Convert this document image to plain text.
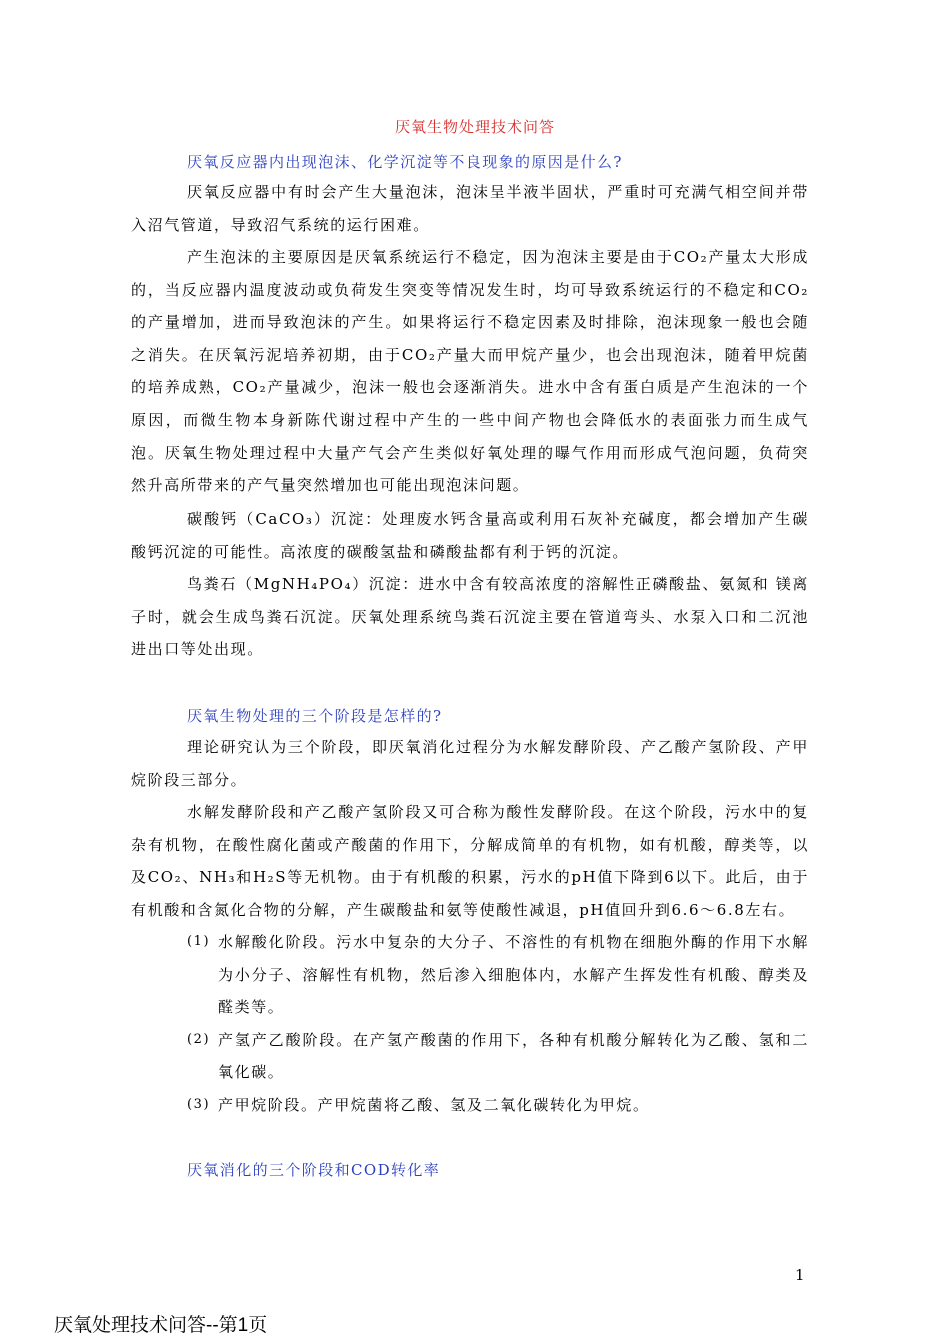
厌氧生物处理技术问答
厌氧反应器内出现泡沫、化学沉淀等不良现象的原因是什么?
厌氧反应器中有时会产生大量泡沫，泡沫呈半液半固状，严重时可充满气相空间并带入沼气管道，导致沼气系统的运行困难。
产生泡沫的主要原因是厌氧系统运行不稳定，因为泡沫主要是由于CO₂产量太大形成的，当反应器内温度波动或负荷发生突变等情况发生时，均可导致系统运行的不稳定和CO₂的产量增加，进而导致泡沫的产生。如果将运行不稳定因素及时排除，泡沫现象一般也会随之消失。在厌氧污泥培养初期，由于CO₂产量大而甲烷产量少，也会出现泡沫，随着甲烷菌的培养成熟，CO₂产量减少，泡沫一般也会逐渐消失。进水中含有蛋白质是产生泡沫的一个原因，而微生物本身新陈代谢过程中产生的一些中间产物也会降低水的表面张力而生成气泡。厌氧生物处理过程中大量产气会产生类似好氧处理的曝气作用而形成气泡问题，负荷突然升高所带来的产气量突然增加也可能出现泡沫问题。
碳酸钙（CaCO₃）沉淀：处理废水钙含量高或利用石灰补充碱度，都会增加产生碳酸钙沉淀的可能性。高浓度的碳酸氢盐和磷酸盐都有利于钙的沉淀。
鸟粪石（MgNH₄PO₄）沉淀：进水中含有较高浓度的溶解性正磷酸盐、氨氮和 镁离子时，就会生成鸟粪石沉淀。厌氧处理系统鸟粪石沉淀主要在管道弯头、水泵入口和二沉池进出口等处出现。
厌氧生物处理的三个阶段是怎样的?
理论研究认为三个阶段，即厌氧消化过程分为水解发酵阶段、产乙酸产氢阶段、产甲烷阶段三部分。
水解发酵阶段和产乙酸产氢阶段又可合称为酸性发酵阶段。在这个阶段，污水中的复杂有机物，在酸性腐化菌或产酸菌的作用下，分解成简单的有机物，如有机酸，醇类等，以及CO₂、NH₃和H₂S等无机物。由于有机酸的积累，污水的pH值下降到6以下。此后，由于有机酸和含氮化合物的分解，产生碳酸盐和氨等使酸性减退，pH值回升到6.6～6.8左右。
(1) 水解酸化阶段。污水中复杂的大分子、不溶性的有机物在细胞外酶的作用下水解为小分子、溶解性有机物，然后渗入细胞体内，水解产生挥发性有机酸、醇类及醛类等。
(2) 产氢产乙酸阶段。在产氢产酸菌的作用下，各种有机酸分解转化为乙酸、氢和二氧化碳。
(3) 产甲烷阶段。产甲烷菌将乙酸、氢及二氧化碳转化为甲烷。
厌氧消化的三个阶段和COD转化率
1
厌氧处理技术问答--第1页
